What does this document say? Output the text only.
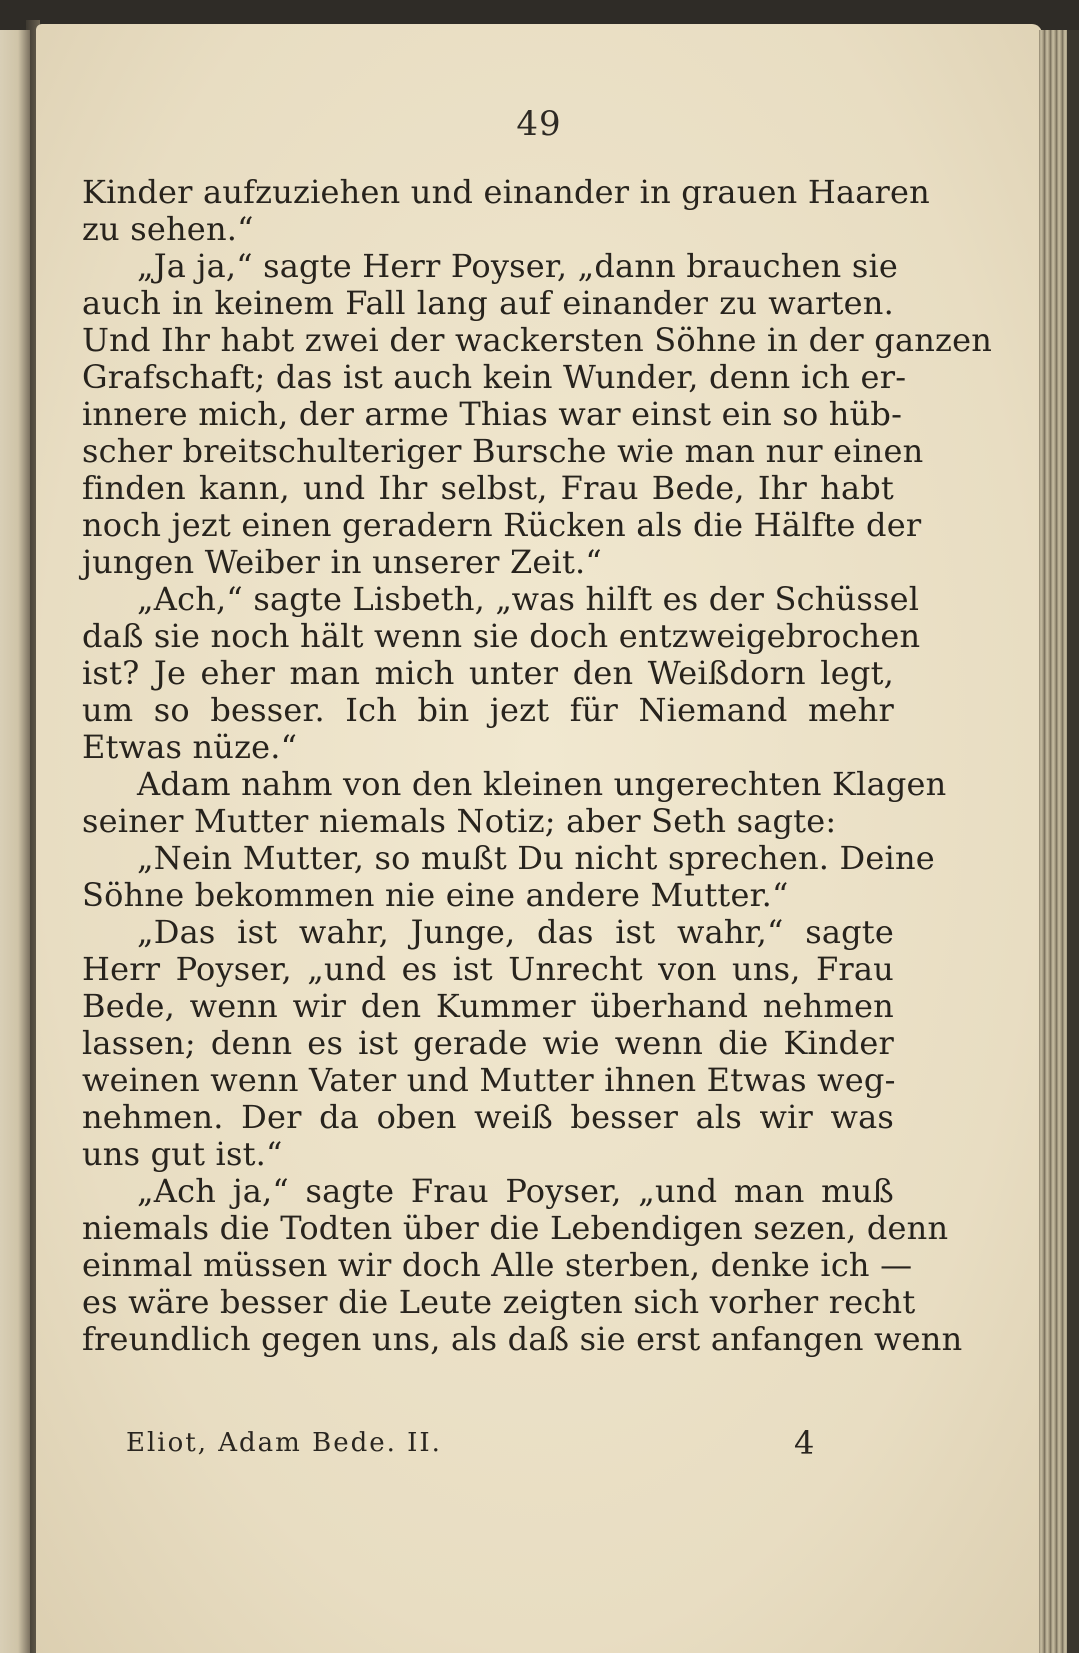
49
Kinder aufzuziehen und einander in grauen Haaren
zu sehen.“
„Ja ja,“ sagte Herr Poyser, „dann brauchen sie
auch in keinem Fall lang auf einander zu warten.
Und Ihr habt zwei der wackersten Söhne in der ganzen
Grafschaft; das ist auch kein Wunder, denn ich er-
innere mich, der arme Thias war einst ein so hüb-
scher breitschulteriger Bursche wie man nur einen
finden kann, und Ihr selbst, Frau Bede, Ihr habt
noch jezt einen geradern Rücken als die Hälfte der
jungen Weiber in unserer Zeit.“
„Ach,“ sagte Lisbeth, „was hilft es der Schüssel
daß sie noch hält wenn sie doch entzweigebrochen
ist? Je eher man mich unter den Weißdorn legt,
um so besser. Ich bin jezt für Niemand mehr
Etwas nüze.“
Adam nahm von den kleinen ungerechten Klagen
seiner Mutter niemals Notiz; aber Seth sagte:
„Nein Mutter, so mußt Du nicht sprechen. Deine
Söhne bekommen nie eine andere Mutter.“
„Das ist wahr, Junge, das ist wahr,“ sagte
Herr Poyser, „und es ist Unrecht von uns, Frau
Bede, wenn wir den Kummer überhand nehmen
lassen; denn es ist gerade wie wenn die Kinder
weinen wenn Vater und Mutter ihnen Etwas weg-
nehmen. Der da oben weiß besser als wir was
uns gut ist.“
„Ach ja,“ sagte Frau Poyser, „und man muß
niemals die Todten über die Lebendigen sezen, denn
einmal müssen wir doch Alle sterben, denke ich —
es wäre besser die Leute zeigten sich vorher recht
freundlich gegen uns, als daß sie erst anfangen wenn
Eliot, Adam Bede. II.	4
